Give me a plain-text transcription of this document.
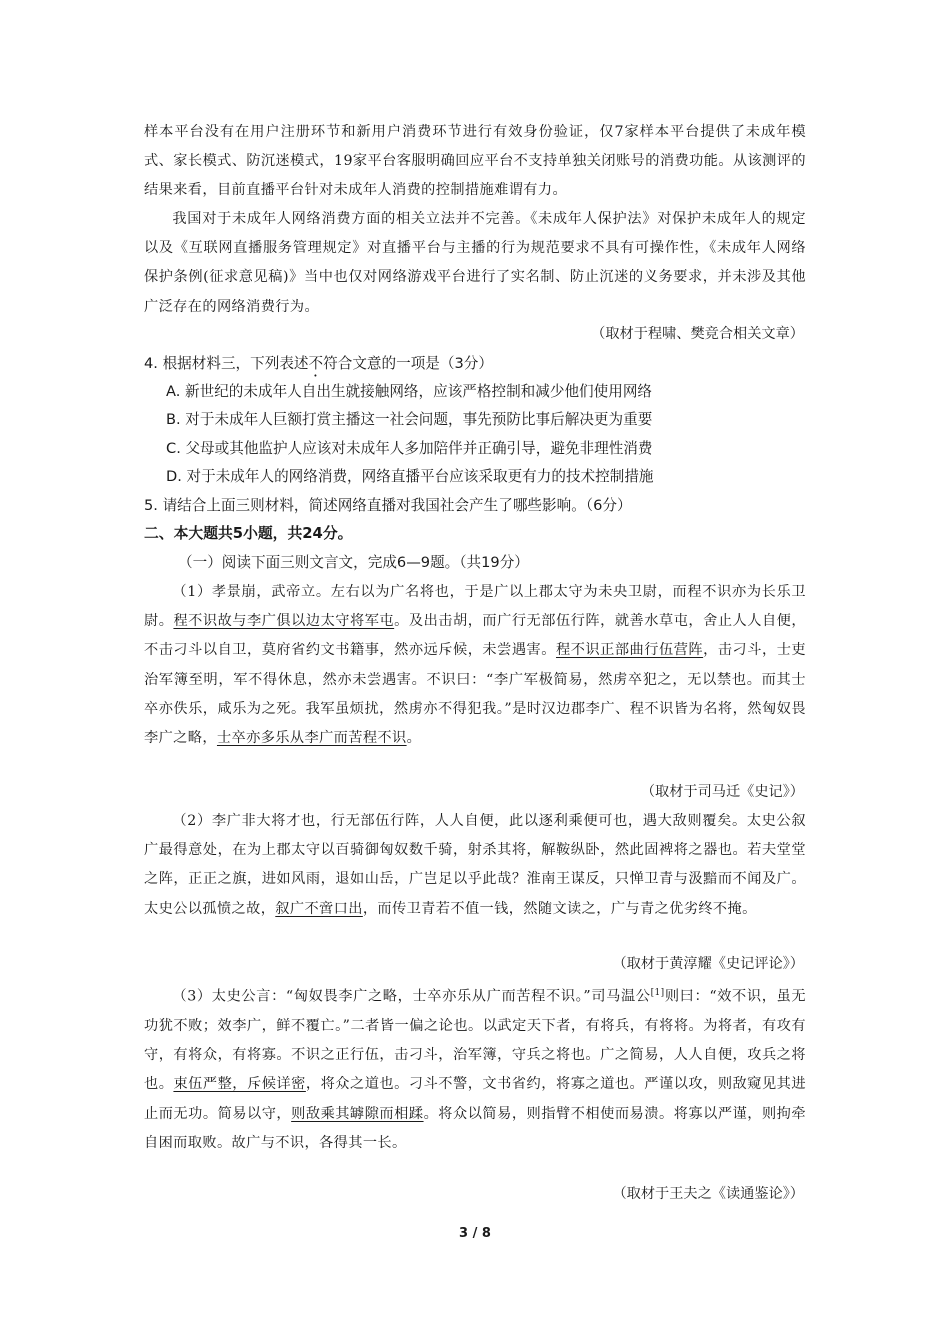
样本平台没有在用户注册环节和新用户消费环节进行有效身份验证，仅7家样本平台提供了未成年模式、家长模式、防沉迷模式，19家平台客服明确回应平台不支持单独关闭账号的消费功能。从该测评的结果来看，目前直播平台针对未成年人消费的控制措施难谓有力。
我国对于未成年人网络消费方面的相关立法并不完善。《未成年人保护法》对保护未成年人的规定以及《互联网直播服务管理规定》对直播平台与主播的行为规范要求不具有可操作性，《未成年人网络保护条例(征求意见稿)》当中也仅对网络游戏平台进行了实名制、防止沉迷的义务要求，并未涉及其他广泛存在的网络消费行为。
（取材于程啸、樊竞合相关文章）
4. 根据材料三，下列表述不符合文意的一项是（3分）
A. 新世纪的未成年人自出生就接触网络，应该严格控制和减少他们使用网络
B. 对于未成年人巨额打赏主播这一社会问题，事先预防比事后解决更为重要
C. 父母或其他监护人应该对未成年人多加陪伴并正确引导，避免非理性消费
D. 对于未成年人的网络消费，网络直播平台应该采取更有力的技术控制措施
5. 请结合上面三则材料，简述网络直播对我国社会产生了哪些影响。（6分）
二、本大题共5小题，共24分。
（一）阅读下面三则文言文，完成6—9题。（共19分）
（1）孝景崩，武帝立。左右以为广名将也，于是广以上郡太守为未央卫尉，而程不识亦为长乐卫尉。程不识故与李广俱以边太守将军屯。及出击胡，而广行无部伍行阵，就善水草屯，舍止人人自便，不击刁斗以自卫，莫府省约文书籍事，然亦远斥候，未尝遇害。程不识正部曲行伍营阵，击刁斗，士吏治军簿至明，军不得休息，然亦未尝遇害。不识曰：“李广军极简易，然虏卒犯之，无以禁也。而其士卒亦佚乐，咸乐为之死。我军虽烦扰，然虏亦不得犯我。”是时汉边郡李广、程不识皆为名将，然匈奴畏李广之略，士卒亦多乐从李广而苦程不识。
（取材于司马迁《史记》）
（2）李广非大将才也，行无部伍行阵，人人自便，此以逐利乘便可也，遇大敌则覆矣。太史公叙广最得意处，在为上郡太守以百骑御匈奴数千骑，射杀其将，解鞍纵卧，然此固裨将之器也。若夫堂堂之阵，正正之旗，进如风雨，退如山岳，广岂足以乎此哉？淮南王谋反，只惮卫青与汲黯而不闻及广。太史公以孤愤之故，叙广不啻口出，而传卫青若不值一钱，然随文读之，广与青之优劣终不掩。
（取材于黄淳耀《史记评论》）
（3）太史公言：“匈奴畏李广之略，士卒亦乐从广而苦程不识。”司马温公[1]则曰：“效不识，虽无功犹不败；效李广，鲜不覆亡。”二者皆一偏之论也。以武定天下者，有将兵，有将将。为将者，有攻有守，有将众，有将寡。不识之正行伍，击刁斗，治军簿，守兵之将也。广之简易，人人自便，攻兵之将也。束伍严整，斥候详密，将众之道也。刁斗不警，文书省约，将寡之道也。严谨以攻，则敌窥见其进止而无功。简易以守，则敌乘其罅隙而相蹂。将众以简易，则指臂不相使而易溃。将寡以严谨，则拘牵自困而取败。故广与不识，各得其一长。
（取材于王夫之《读通鉴论》）
3 / 8
